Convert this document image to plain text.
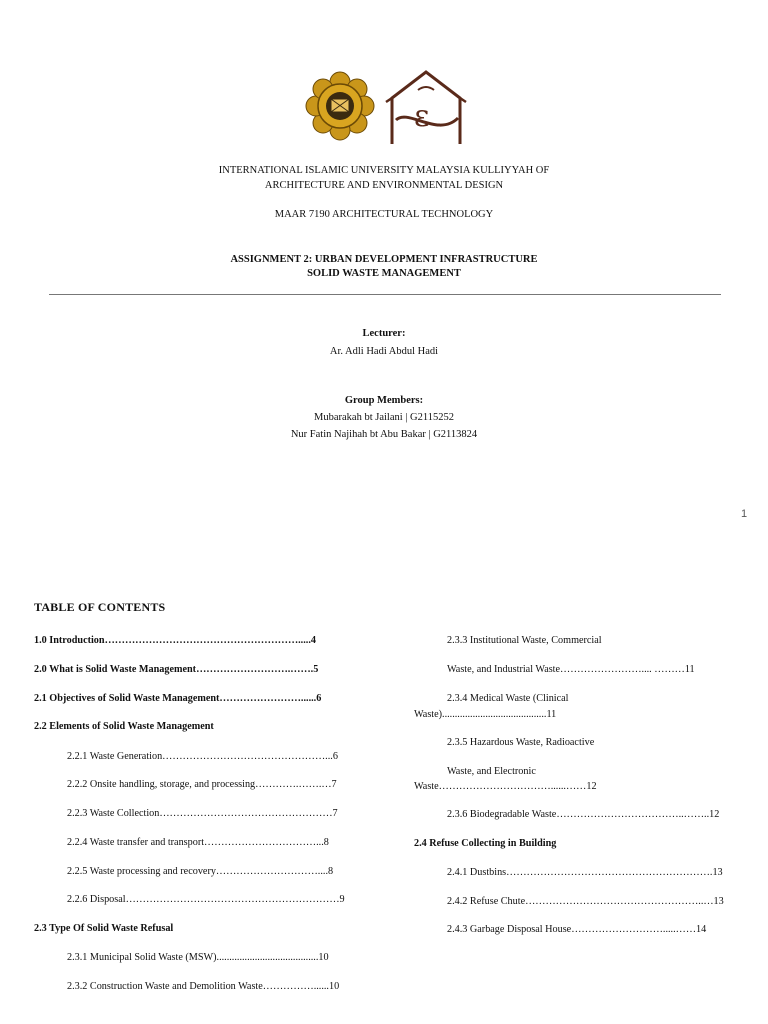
ε

INTERNATIONAL ISLAMIC UNIVERSITY MALAYSIA KULLIYYAH OF

ARCHITECTURE AND ENVIRONMENTAL DESIGN

MAAR 7190 ARCHITECTURAL TECHNOLOGY

ASSIGNMENT 2: URBAN DEVELOPMENT INFRASTRUCTURE

SOLID WASTE MANAGEMENT

Lecturer:

Ar. Adli Hadi Abdul Hadi

Group Members:

Mubarakah bt Jailani | G2115252

Nur Fatin Najihah bt Abu Bakar | G2113824

1
TABLE OF CONTENTS
1.0 Introduction………………………………………………….....4
2.0 What is Solid Waste Management……………………….…….5
2.1 Objectives of Solid Waste Management……………………......6
2.2 Elements of Solid Waste Management
2.2.1 Waste Generation…………………………………………...6
2.2.2 Onsite handling, storage, and processing………….…….…7
2.2.3 Waste Collection……………………………………………7
2.2.4 Waste transfer and transport……………………………...8
2.2.5 Waste processing and recovery…………………………....8
2.2.6 Disposal………………………………………………………9
2.3 Type Of Solid Waste Refusal
2.3.1 Municipal Solid Waste (MSW)........................................10
2.3.2 Construction Waste and Demolition Waste……………......10
2.3.3 Institutional Waste, Commercial
Waste, and Industrial Waste…………………….... ………11
2.3.4 Medical Waste (Clinical
Waste).........................................11
2.3.5 Hazardous Waste, Radioactive
Waste, and Electronic
Waste……………………………......……12
2.3.6 Biodegradable Waste………………………………..……..12
2.4 Refuse Collecting in Building
2.4.1 Dustbins…………………………………………………….13
2.4.2 Refuse Chute……………………………………………..…13
2.4.3 Garbage Disposal House……………………….....……14
